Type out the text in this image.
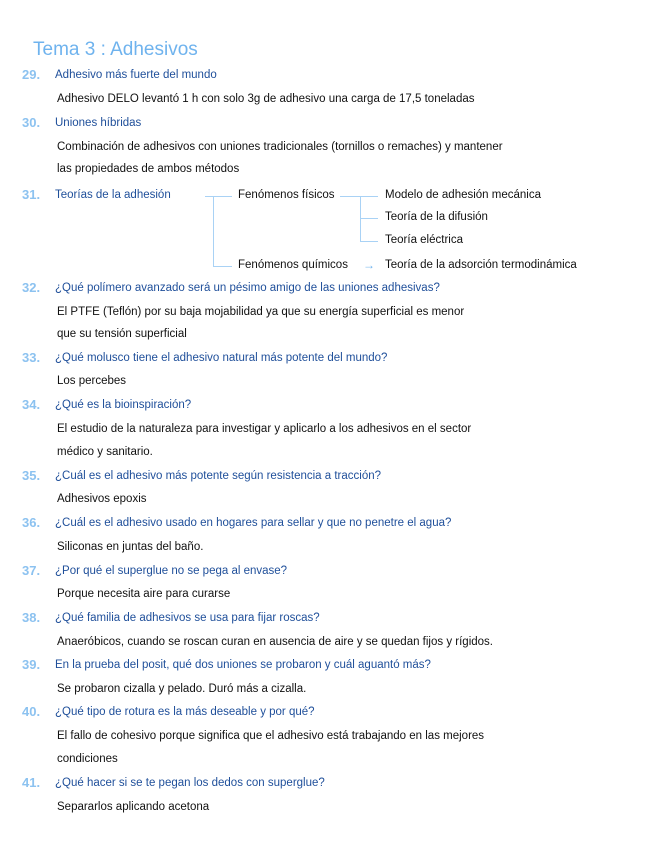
Tema 3 : Adhesivos
→
29. Adhesivo más fuerte del mundo
Adhesivo DELO levantó 1 h con solo 3g de adhesivo una carga de 17,5 toneladas
30. Uniones híbridas
Combinación de adhesivos con uniones tradicionales (tornillos o remaches) y mantener
las propiedades de ambos métodos
31. Teorías de la adhesión
32. ¿Qué polímero avanzado será un pésimo amigo de las uniones adhesivas?
El PTFE (Teflón) por su baja mojabilidad ya que su energía superficial es menor
que su tensión superficial
33. ¿Qué molusco tiene el adhesivo natural más potente del mundo?
Los percebes
34. ¿Qué es la bioinspiración?
El estudio de la naturaleza para investigar y aplicarlo a los adhesivos en el sector
médico y sanitario.
35. ¿Cuál es el adhesivo más potente según resistencia a tracción?
Adhesivos epoxis
36. ¿Cuál es el adhesivo usado en hogares para sellar y que no penetre el agua?
Siliconas en juntas del baño.
37. ¿Por qué el superglue no se pega al envase?
Porque necesita aire para curarse
38. ¿Qué familia de adhesivos se usa para fijar roscas?
Anaeróbicos, cuando se roscan curan en ausencia de aire y se quedan fijos y rígidos.
39. En la prueba del posit, qué dos uniones se probaron y cuál aguantó más?
Se probaron cizalla y pelado. Duró más a cizalla.
40. ¿Qué tipo de rotura es la más deseable y por qué?
El fallo de cohesivo porque significa que el adhesivo está trabajando en las mejores
condiciones
41. ¿Qué hacer si se te pegan los dedos con superglue?
Separarlos aplicando acetona
Fenómenos físicos	Modelo de adhesión mecánica
Teoría de la difusión
Teoría eléctrica
Fenómenos químicos	Teoría de la adsorción termodinámica
